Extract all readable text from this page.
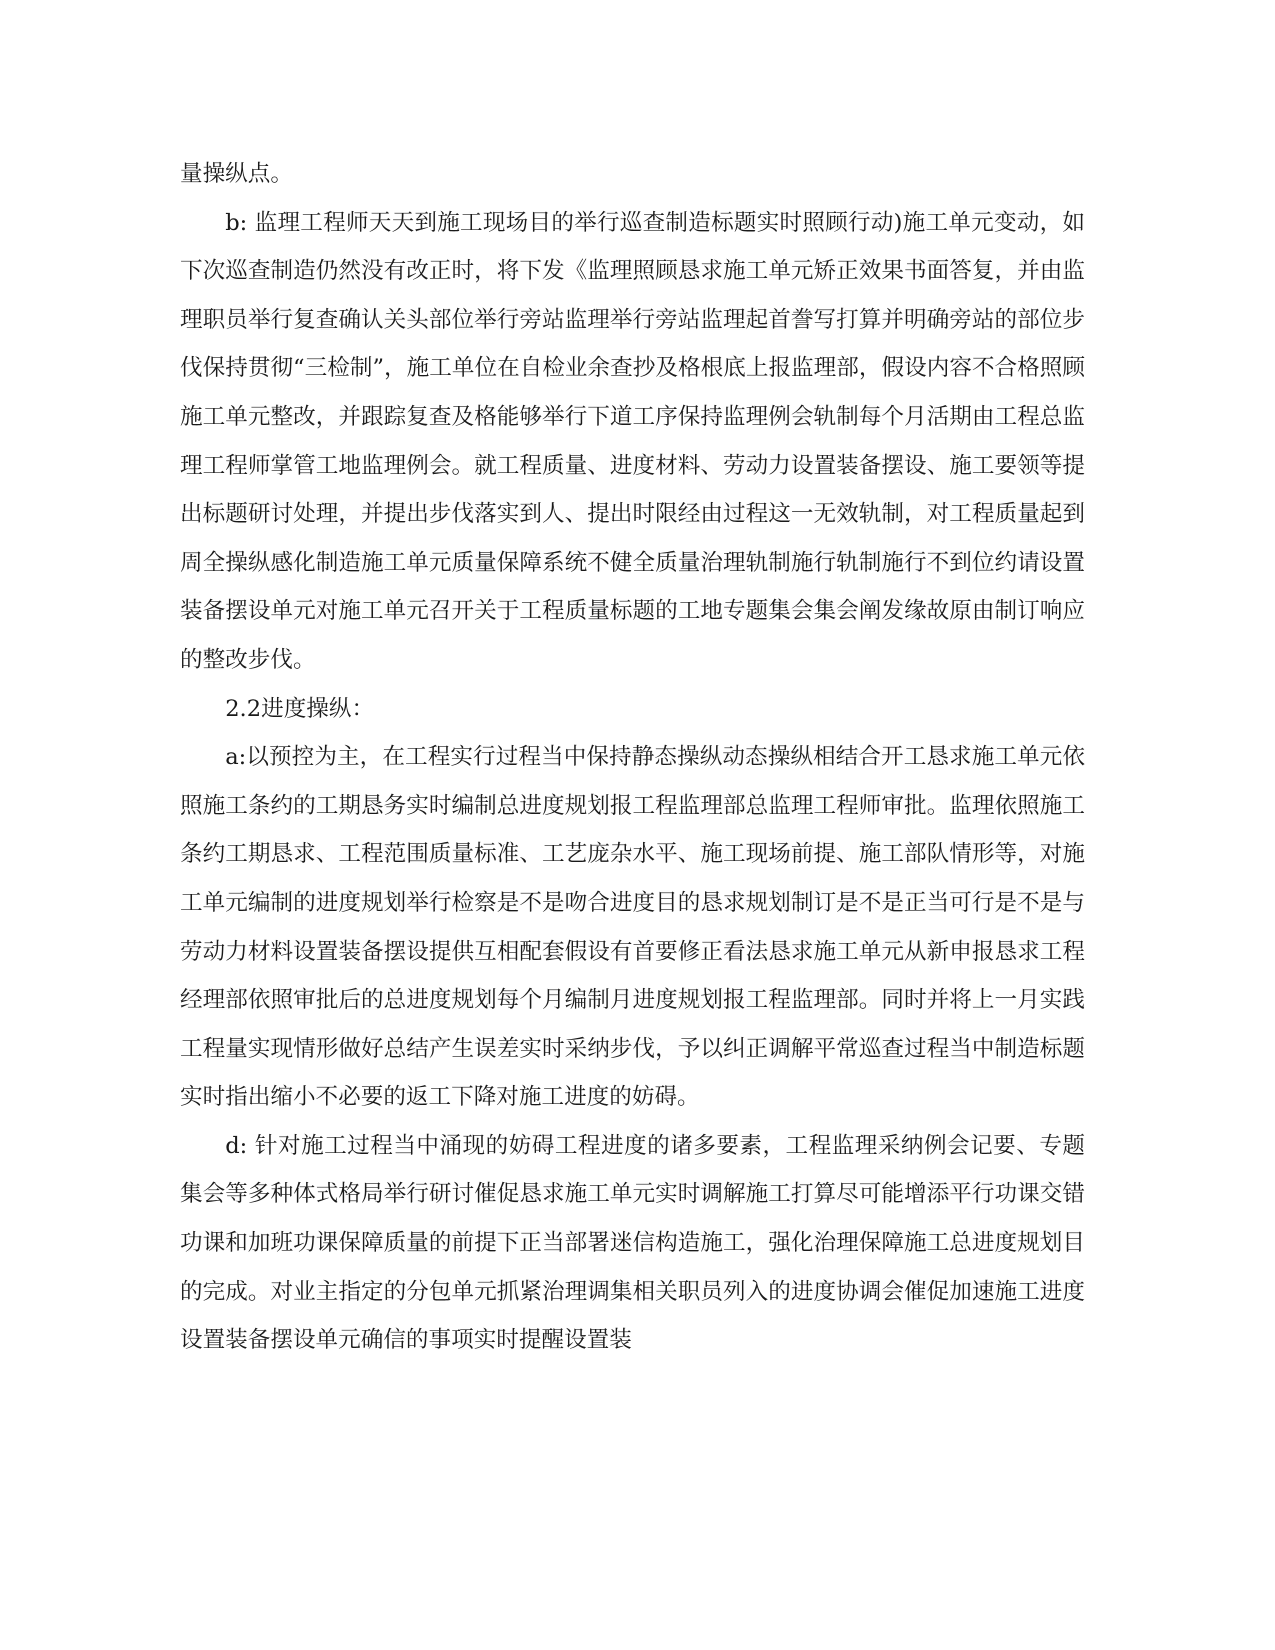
量操纵点。

b: 监理工程师天天到施工现场目的举行巡查制造标题实时照顾行动)施工单元变动，如下次巡查制造仍然没有改正时，将下发《监理照顾恳求施工单元矫正效果书面答复，并由监理职员举行复查确认关头部位举行旁站监理举行旁站监理起首誊写打算并明确旁站的部位步伐保持贯彻“三检制”，施工单位在自检业余查抄及格根底上报监理部，假设内容不合格照顾施工单元整改，并跟踪复查及格能够举行下道工序保持监理例会轨制每个月活期由工程总监理工程师掌管工地监理例会。就工程质量、进度材料、劳动力设置装备摆设、施工要领等提出标题研讨处理，并提出步伐落实到人、提出时限经由过程这一无效轨制，对工程质量起到周全操纵感化制造施工单元质量保障系统不健全质量治理轨制施行轨制施行不到位约请设置装备摆设单元对施工单元召开关于工程质量标题的工地专题集会集会阐发缘故原由制订响应的整改步伐。

2.2进度操纵：

a:以预控为主，在工程实行过程当中保持静态操纵动态操纵相结合开工恳求施工单元依照施工条约的工期恳务实时编制总进度规划报工程监理部总监理工程师审批。监理依照施工条约工期恳求、工程范围质量标准、工艺庞杂水平、施工现场前提、施工部队情形等，对施工单元编制的进度规划举行检察是不是吻合进度目的恳求规划制订是不是正当可行是不是与劳动力材料设置装备摆设提供互相配套假设有首要修正看法恳求施工单元从新申报恳求工程经理部依照审批后的总进度规划每个月编制月进度规划报工程监理部。同时并将上一月实践工程量实现情形做好总结产生误差实时采纳步伐，予以纠正调解平常巡查过程当中制造标题实时指出缩小不必要的返工下降对施工进度的妨碍。

d: 针对施工过程当中涌现的妨碍工程进度的诸多要素，工程监理采纳例会记要、专题集会等多种体式格局举行研讨催促恳求施工单元实时调解施工打算尽可能增添平行功课交错功课和加班功课保障质量的前提下正当部署迷信构造施工，强化治理保障施工总进度规划目的完成。对业主指定的分包单元抓紧治理调集相关职员列入的进度协调会催促加速施工进度设置装备摆设单元确信的事项实时提醒设置装
